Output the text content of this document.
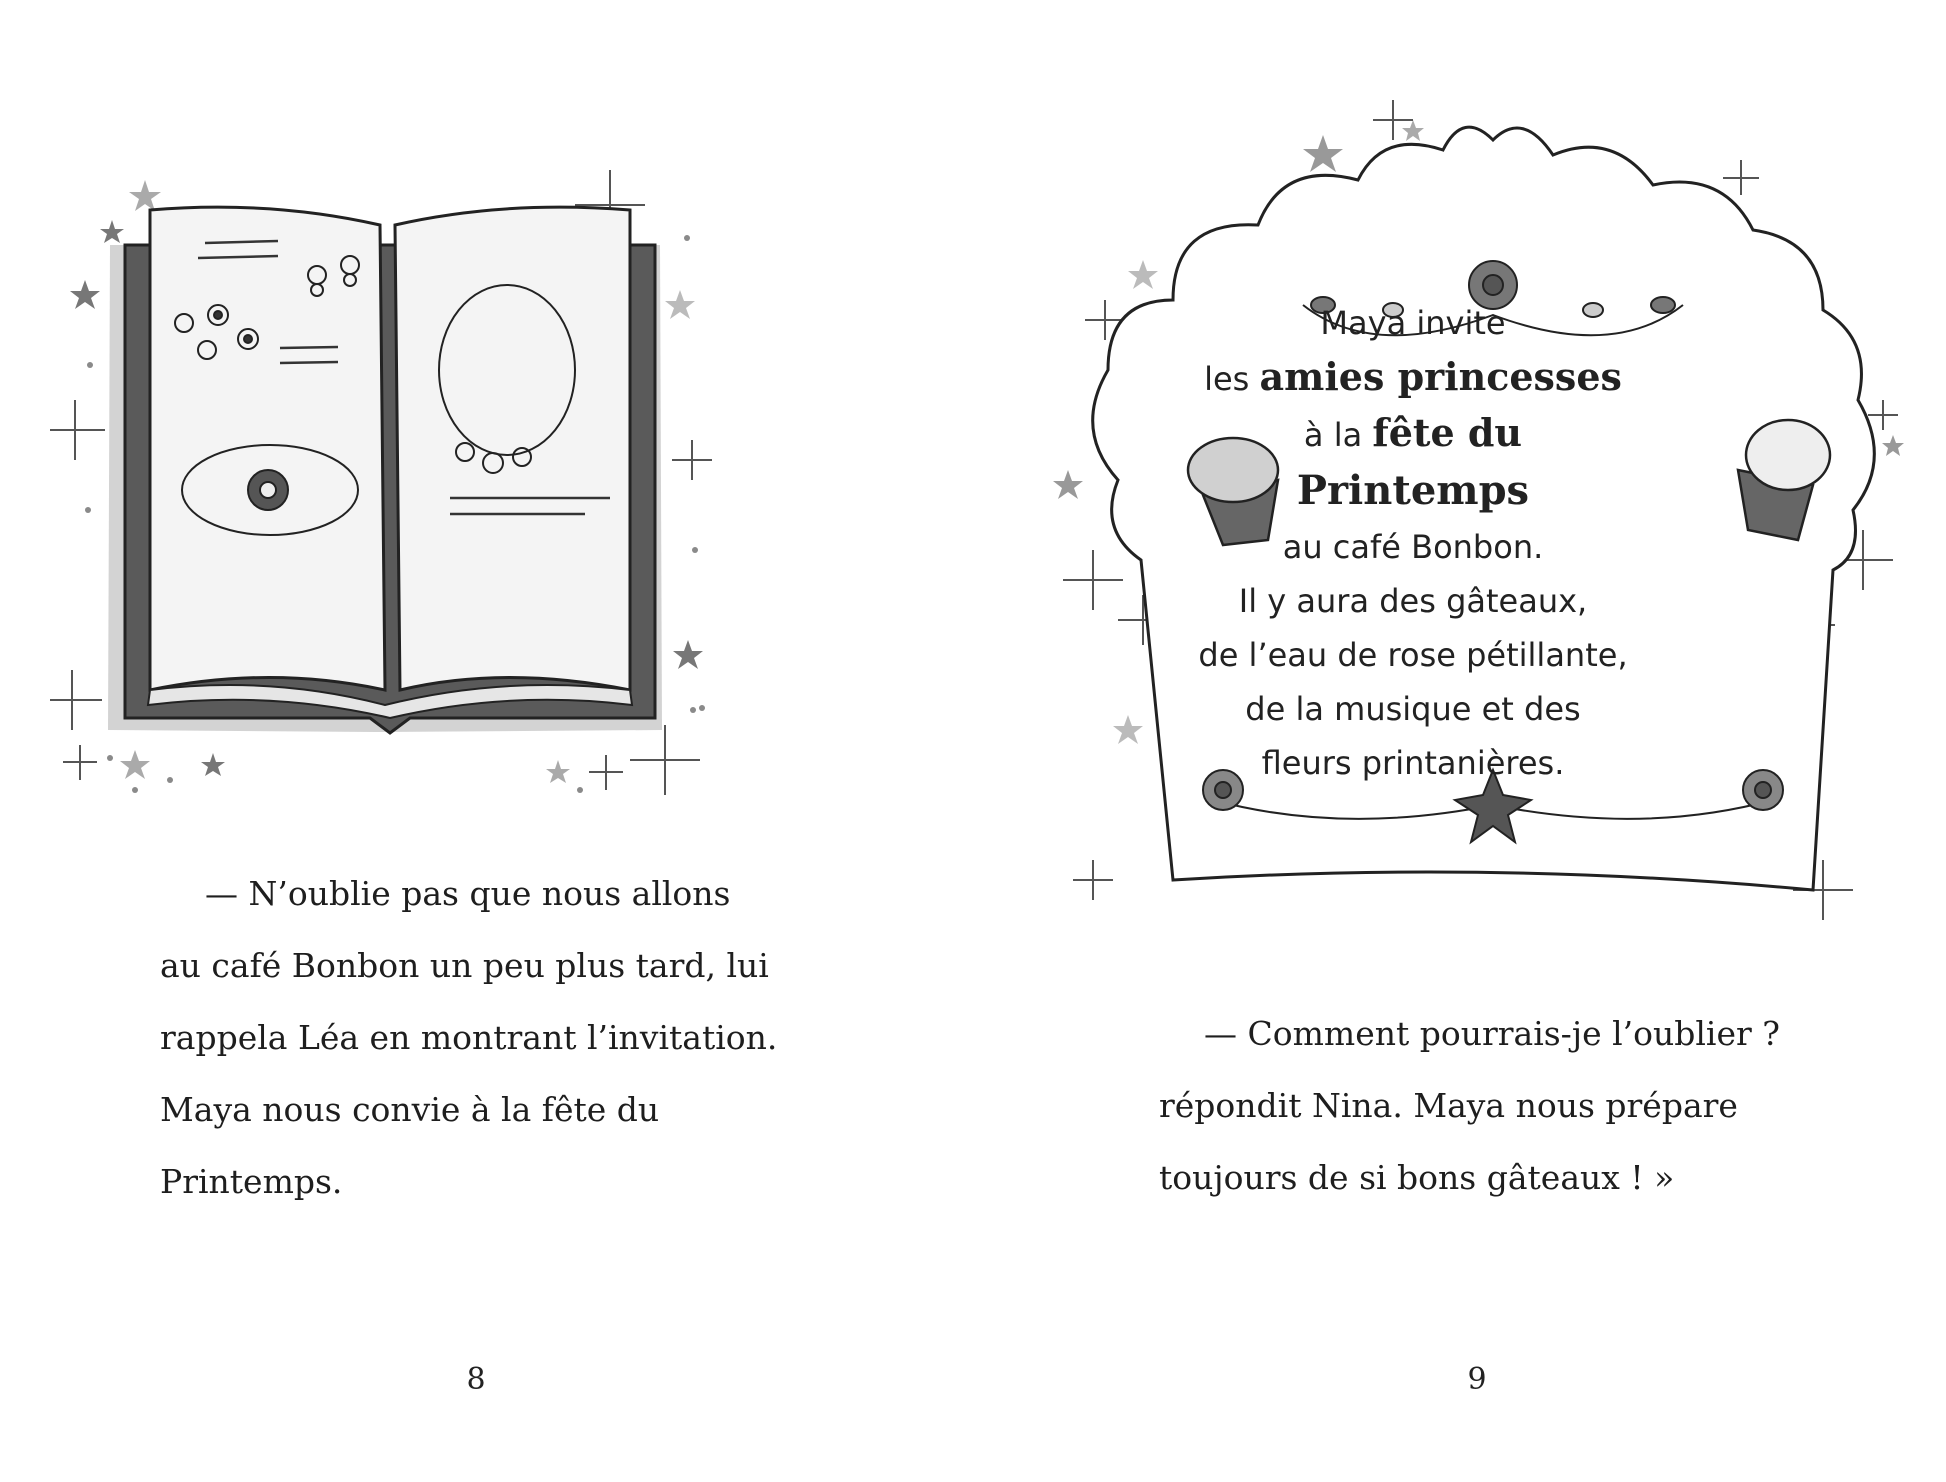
— N’oublie pas que nous allons
au café Bonbon un peu plus tard, lui
rappela Léa en montrant l’invitation.
Maya nous convie à la fête du
Printemps.
8
Maya invite
les amies princesses
à la fête du
Printemps
au café Bonbon.
Il y aura des gâteaux,
de l’eau de rose pétillante,
de la musique et des
fleurs printanières.
— Comment pourrais-je l’oublier ?
répondit Nina. Maya nous prépare
toujours de si bons gâteaux ! »
9
